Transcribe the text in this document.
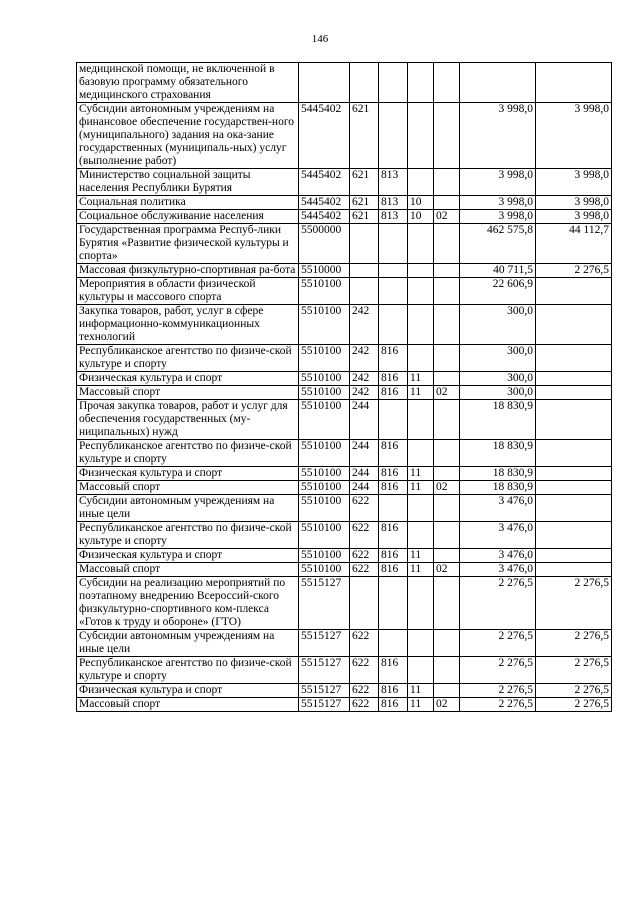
146
медицинской помощи, не включенной в базовую программу обязательного медицинского страхования							
Субсидии автономным учреждениям на финансовое обеспечение государствен-ного (муниципального) задания на ока-зание государственных (муниципаль-ных) услуг (выполнение работ)	5445402	621				3 998,0	3 998,0
Министерство социальной защиты населения Республики Бурятия	5445402	621	813			3 998,0	3 998,0
Социальная политика	5445402	621	813	10		3 998,0	3 998,0
Социальное обслуживание населения	5445402	621	813	10	02	3 998,0	3 998,0
Государственная программа Респуб-лики Бурятия «Развитие физической культуры и спорта»	5500000					462 575,8	44 112,7
Массовая физкультурно-спортивная ра-бота	5510000					40 711,5	2 276,5
Мероприятия в области физической культуры и массового спорта	5510100					22 606,9	
Закупка товаров, работ, услуг в сфере информационно-коммуникационных технологий	5510100	242				300,0	
Республиканское агентство по физиче-ской культуре и спорту	5510100	242	816			300,0	
Физическая культура и спорт	5510100	242	816	11		300,0	
Массовый спорт	5510100	242	816	11	02	300,0	
Прочая закупка товаров, работ и услуг для обеспечения государственных (му-ниципальных) нужд	5510100	244				18 830,9	
Республиканское агентство по физиче-ской культуре и спорту	5510100	244	816			18 830,9	
Физическая культура и спорт	5510100	244	816	11		18 830,9	
Массовый спорт	5510100	244	816	11	02	18 830,9	
Субсидии автономным учреждениям на иные цели	5510100	622				3 476,0	
Республиканское агентство по физиче-ской культуре и спорту	5510100	622	816			3 476,0	
Физическая культура и спорт	5510100	622	816	11		3 476,0	
Массовый спорт	5510100	622	816	11	02	3 476,0	
Субсидии на реализацию мероприятий по поэтапному внедрению Всероссий-ского физкультурно-спортивного ком-плекса «Готов к труду и обороне» (ГТО)	5515127					2 276,5	2 276,5
Субсидии автономным учреждениям на иные цели	5515127	622				2 276,5	2 276,5
Республиканское агентство по физиче-ской культуре и спорту	5515127	622	816			2 276,5	2 276,5
Физическая культура и спорт	5515127	622	816	11		2 276,5	2 276,5
Массовый спорт	5515127	622	816	11	02	2 276,5	2 276,5
